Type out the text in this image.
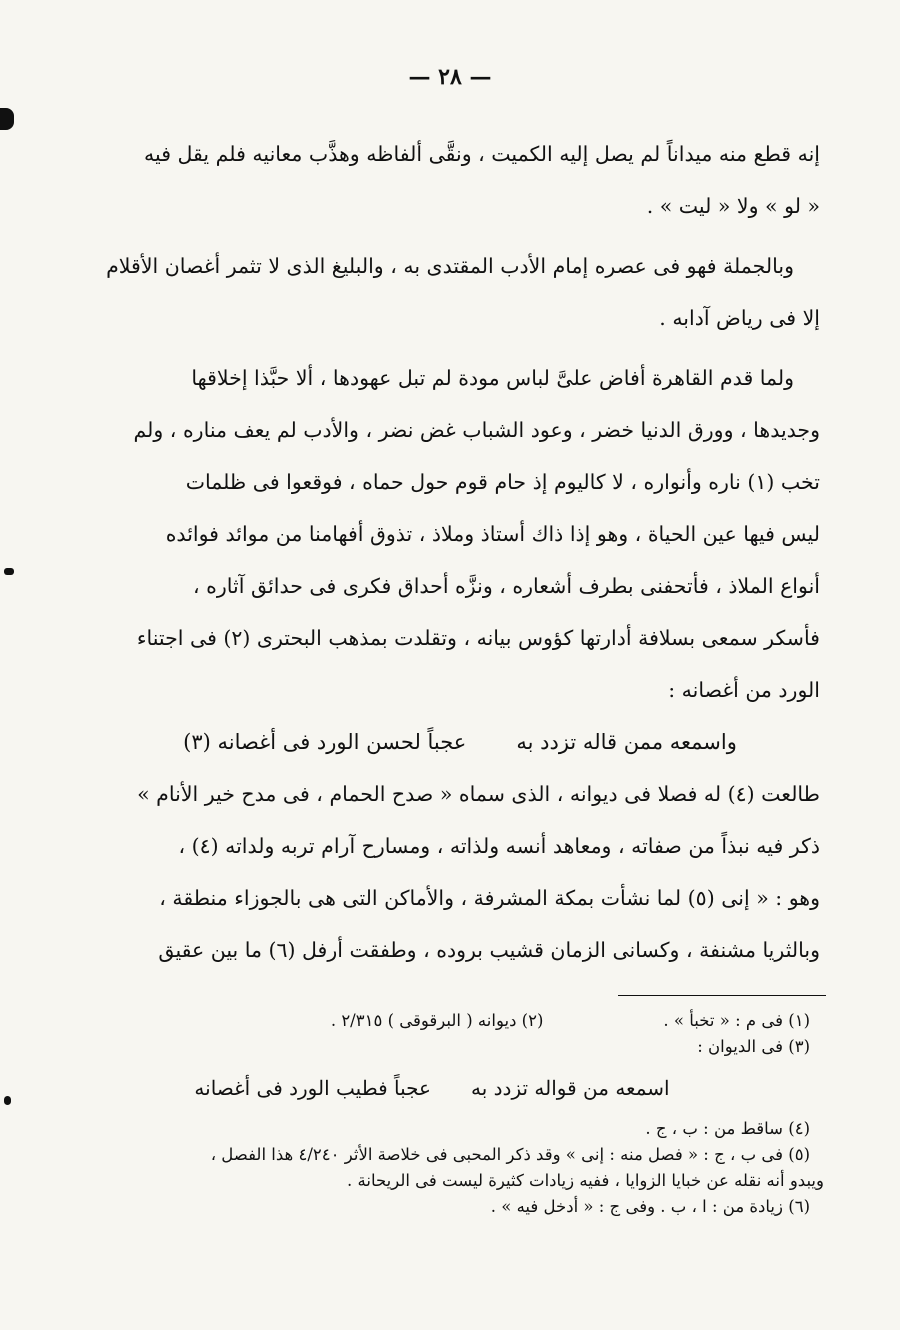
— ٢٨ —

إنه قطع منه ميداناً لم يصل إليه الكميت ، ونقَّى ألفاظه وهذَّب معانيه فلم يقل فيه
« لو » ولا « ليت » .

وبالجملة فهو فى عصره إمام الأدب المقتدى به ، والبليغ الذى لا تثمر أغصان الأقلام
إلا فى رياض آدابه .

ولما قدم القاهرة أفاض علىَّ لباس مودة لم تبل عهودها ، ألا حبَّذا إخلاقها
وجديدها ، وورق الدنيا خضر ، وعود الشباب غض نضر ، والأدب لم يعف مناره ، ولم
تخب (١) ناره وأنواره ، لا كاليوم إذ حام قوم حول حماه ، فوقعوا فى ظلمات
ليس فيها عين الحياة ، وهو إذا ذاك أستاذ وملاذ ، تذوق أفهامنا من موائد فوائده
أنواع الملاذ ، فأتحفنى بطرف أشعاره ، ونزَّه أحداق فكرى فى حدائق آثاره ،
فأسكر سمعى بسلافة أدارتها كؤوس بيانه ، وتقلدت بمذهب البحترى (٢) فى اجتناء
الورد من أغصانه :

واسمعه ممن قاله تزدد به
عجباً لحسن الورد فى أغصانه (٣)

طالعت (٤) له فصلا فى ديوانه ، الذى سماه « صدح الحمام ، فى مدح خير الأنام »
ذكر فيه نبذاً من صفاته ، ومعاهد أنسه ولذاته ، ومسارح آرام تربه ولداته (٤) ،
وهو : « إنى (٥) لما نشأت بمكة المشرفة ، والأماكن التى هى بالجوزاء منطقة ،
وبالثريا مشنفة ، وكسانى الزمان قشيب بروده ، وطفقت أرفل (٦) ما بين عقيق

(١) فى م : « تخبأ » .
(٢) ديوانه ( البرقوقى ) ٢/٣١٥ .
(٣) فى الديوان :
اسمعه من قواله تزدد به
عجباً فطيب الورد فى أغصانه
(٤) ساقط من : ب ، ج .
(٥) فى ب ، ج : « فصل منه : إنى » وقد ذكر المحبى فى خلاصة الأثر ٤/٢٤٠ هذا الفصل ،
ويبدو أنه نقله عن خبايا الزوايا ، ففيه زيادات كثيرة ليست فى الريحانة .
(٦) زيادة من : ا ، ب . وفى ج : « أدخل فيه » .
